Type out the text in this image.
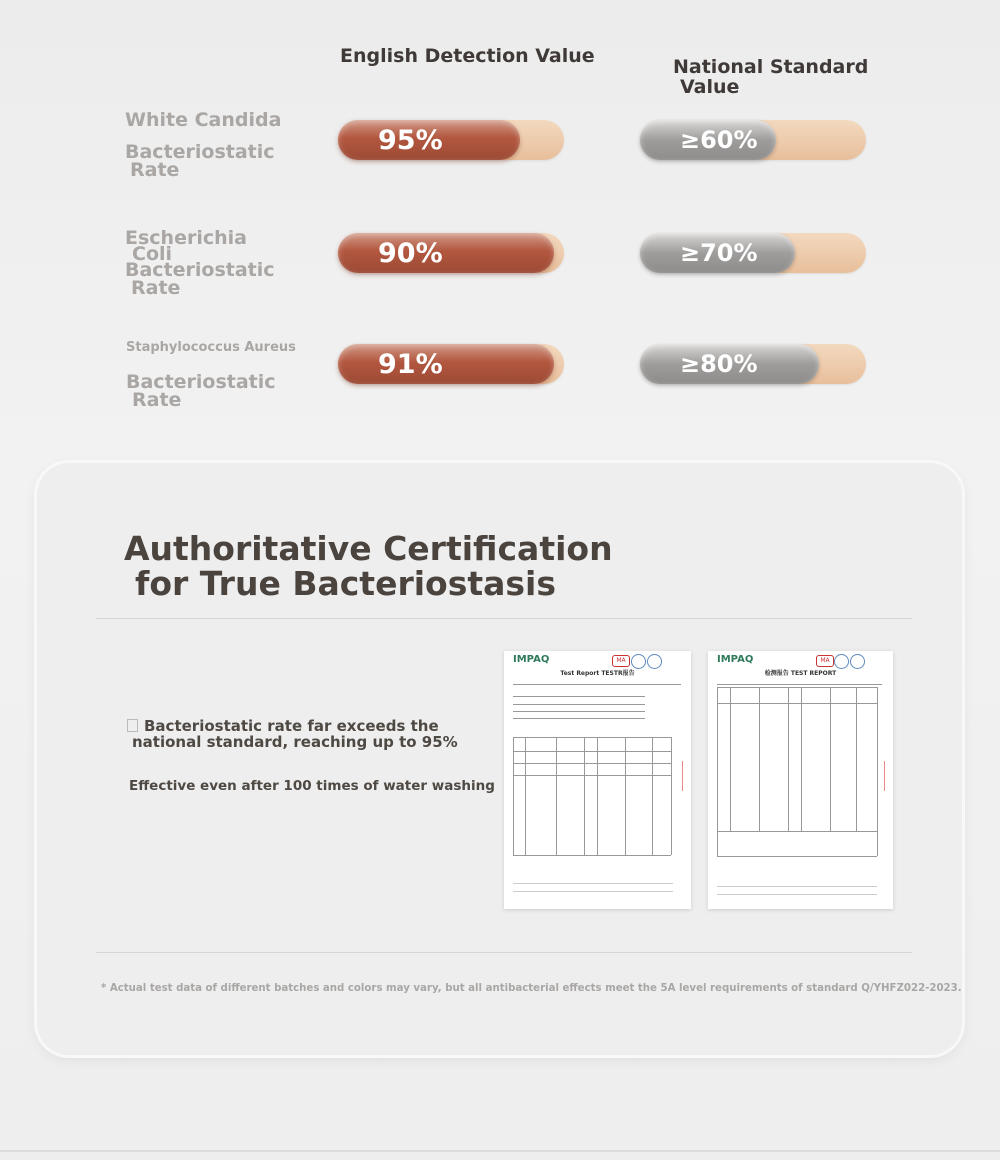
English Detection Value	National Standard
Value
White Candida
Bacteriostatic
Rate
95%	≥60%
Escherichia
Coli
Bacteriostatic
Rate
90%	≥70%
Staphylococcus Aureus
Bacteriostatic
Rate
91%	≥80%
Authoritative Certification
for True Bacteriostasis
Bacteriostatic rate far exceeds the
national standard, reaching up to 95%
Effective even after 100 times of water washing
IMPAQ	MA
Test Report TESTR报告
IMPAQ	MA
检测报告 TEST REPORT
* Actual test data of different batches and colors may vary, but all antibacterial effects meet the 5A level requirements of standard Q/YHFZ022-2023.
